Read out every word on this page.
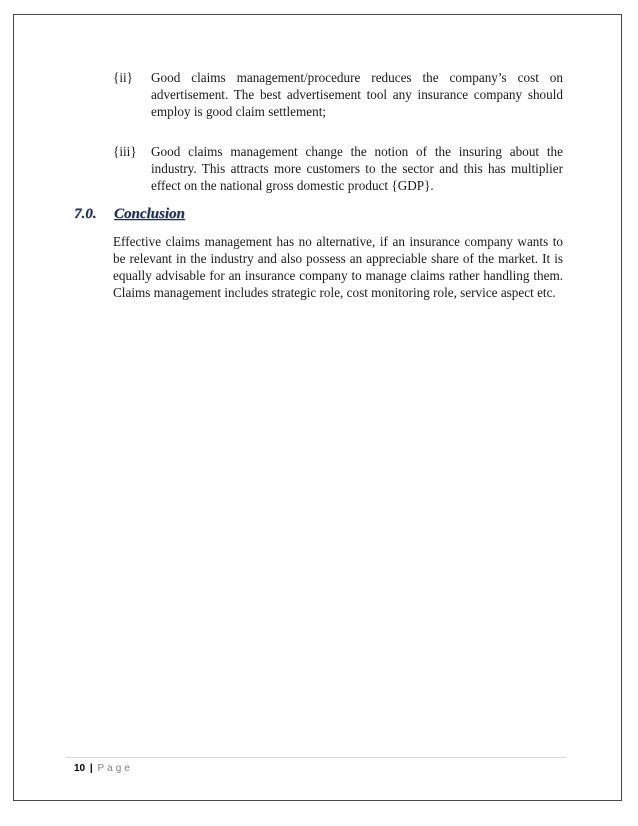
{ii} Good claims management/procedure reduces the company’s cost on advertisement. The best advertisement tool any insurance company should employ is good claim settlement;
{iii} Good claims management change the notion of the insuring about the industry. This attracts more customers to the sector and this has multiplier effect on the national gross domestic product {GDP}.
7.0. Conclusion
Effective claims management has no alternative, if an insurance company wants to be relevant in the industry and also possess an appreciable share of the market. It is equally advisable for an insurance company to manage claims rather handling them. Claims management includes strategic role, cost monitoring role, service aspect etc.
10 | Page
